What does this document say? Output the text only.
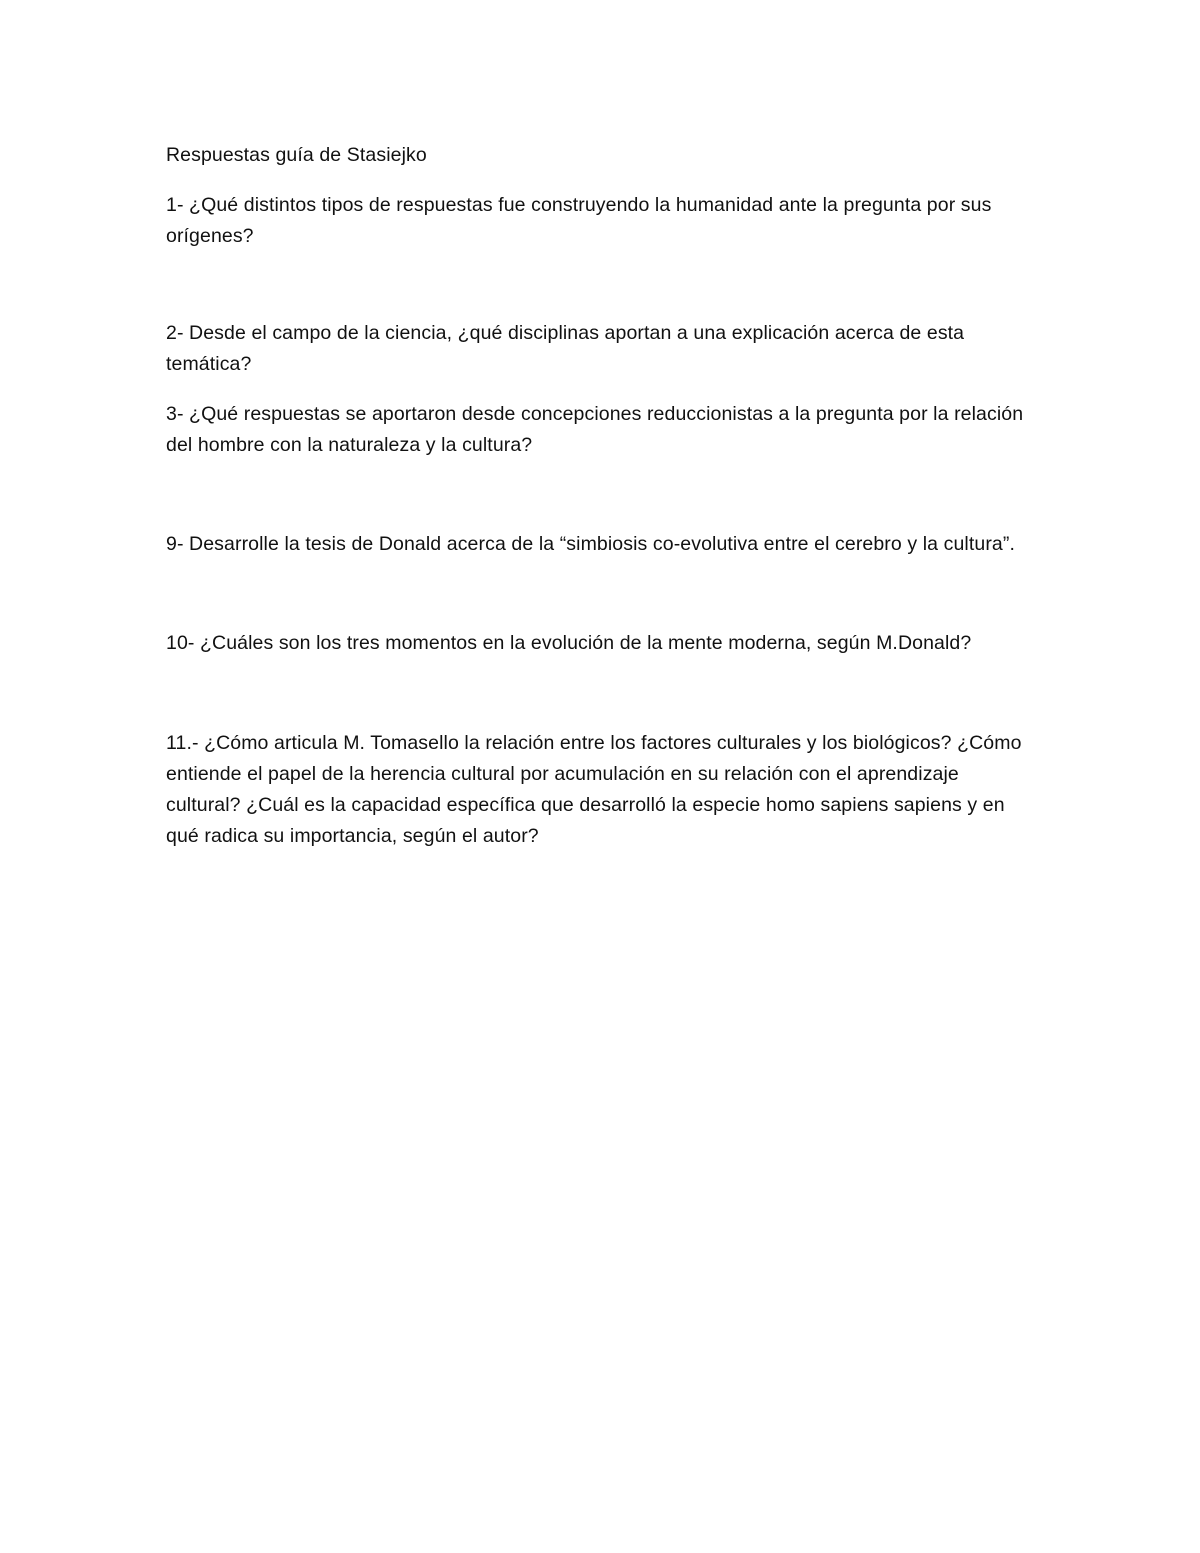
Respuestas guía de Stasiejko

1- ¿Qué distintos tipos de respuestas fue construyendo la humanidad ante la pregunta por sus orígenes?

2- Desde el campo de la ciencia, ¿qué disciplinas aportan a una explicación acerca de esta temática?

3- ¿Qué respuestas se aportaron desde concepciones reduccionistas a la pregunta por la relación del hombre con la naturaleza y la cultura?

9- Desarrolle la tesis de Donald acerca de la “simbiosis co-evolutiva entre el cerebro y la cultura”.

10- ¿Cuáles son los tres momentos en la evolución de la mente moderna, según M.Donald?

11.- ¿Cómo articula M. Tomasello la relación entre los factores culturales y los biológicos? ¿Cómo entiende el papel de la herencia cultural por acumulación en su relación con el aprendizaje cultural? ¿Cuál es la capacidad específica que desarrolló la especie homo sapiens sapiens y en qué radica su importancia, según el autor?
